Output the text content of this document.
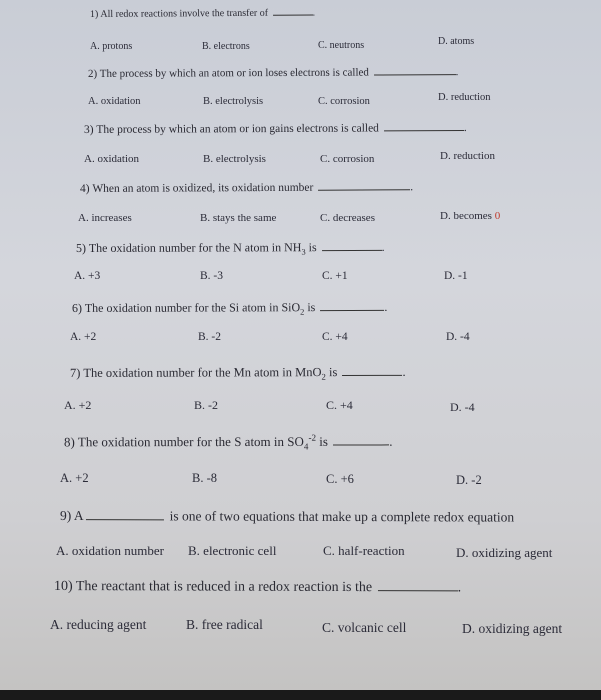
1) All redox reactions involve the transfer of	.
A. protons	B. electrons	C. neutrons	D. atoms
2) The process by which an atom or ion loses electrons is called	.
A. oxidation	B. electrolysis	C. corrosion	D. reduction
3) The process by which an atom or ion gains electrons is called	.
A. oxidation	B. electrolysis	C. corrosion	D. reduction
4) When an atom is oxidized, its oxidation number	.
A. increases	B. stays the same	C. decreases	D. becomes 0
5) The oxidation number for the N atom in $NH_3$ is	.
A. +3	B. -3	C. +1	D. -1
6) The oxidation number for the Si atom in SiO$_2$ is	.
A. +2	B. -2	C. +4	D. -4
7) The oxidation number for the Mn atom in MnO$_2$ is	.
A. +2	B. -2	C. +4	D. -4
8) The oxidation number for the S atom in $SO_4^{-2}$ is	.
A. +2	B. -8	C. +6	D. -2
9) A	is one of two equations that make up a complete redox equation
A. oxidation number B. electronic cell	C. half-reaction	D. oxidizing agent
10) The reactant that is reduced in a redox reaction is the	.
A. reducing agent	B. free radical	C. volcanic cell	D. oxidizing agent
